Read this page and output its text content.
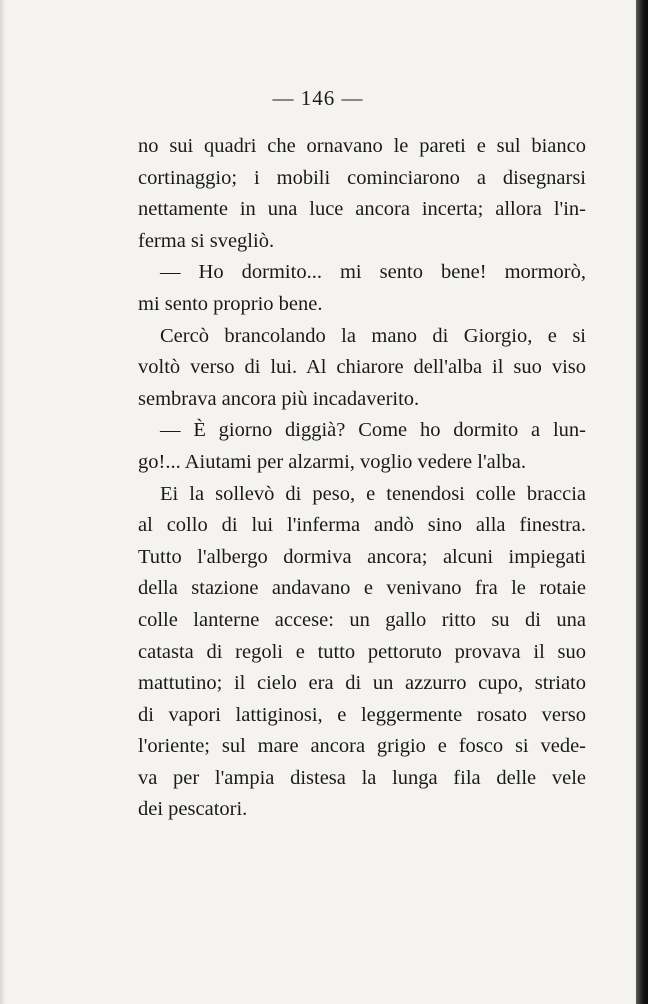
— 146 —
no sui quadri che ornavano le pareti e sul bianco
cortinaggio; i mobili cominciarono a disegnarsi
nettamente in una luce ancora incerta; allora l'in-
ferma si svegliò.
— Ho dormito... mi sento bene! mormorò,
mi sento proprio bene.
Cercò brancolando la mano di Giorgio, e si
voltò verso di lui. Al chiarore dell'alba il suo viso
sembrava ancora più incadaverito.
— È giorno diggià? Come ho dormito a lun-
go!... Aiutami per alzarmi, voglio vedere l'alba.
Ei la sollevò di peso, e tenendosi colle braccia
al collo di lui l'inferma andò sino alla finestra.
Tutto l'albergo dormiva ancora; alcuni impiegati
della stazione andavano e venivano fra le rotaie
colle lanterne accese: un gallo ritto su di una
catasta di regoli e tutto pettoruto provava il suo
mattutino; il cielo era di un azzurro cupo, striato
di vapori lattiginosi, e leggermente rosato verso
l'oriente; sul mare ancora grigio e fosco si vede-
va per l'ampia distesa la lunga fila delle vele
dei pescatori.
